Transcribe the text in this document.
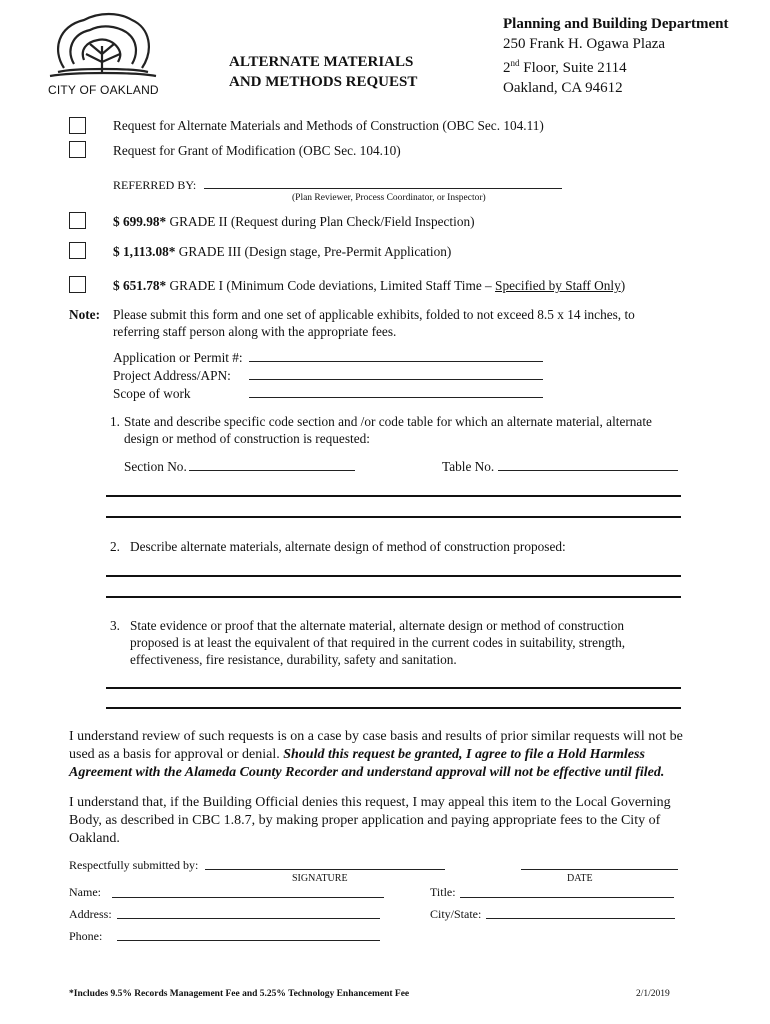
CITY OF OAKLAND
ALTERNATE MATERIALS
AND METHODS REQUEST
Planning and Building Department
250 Frank H. Ogawa Plaza
2nd Floor, Suite 2114
Oakland, CA 94612
Request for Alternate Materials and Methods of Construction (OBC Sec. 104.11)
Request for Grant of Modification (OBC Sec. 104.10)
REFERRED BY:
(Plan Reviewer, Process Coordinator, or Inspector)
$ 699.98* GRADE II (Request during Plan Check/Field Inspection)
$ 1,113.08* GRADE III (Design stage, Pre-Permit Application)
$ 651.78* GRADE I (Minimum Code deviations, Limited Staff Time – Specified by Staff Only)
Note: Please submit this form and one set of applicable exhibits, folded to not exceed 8.5 x 14 inches, to
referring staff person along with the appropriate fees.
Application or Permit #:
Project Address/APN:
Scope of work
1. State and describe specific code section and /or code table for which an alternate material, alternate
design or method of construction is requested:
Section No.	Table No.
2. Describe alternate materials, alternate design of method of construction proposed:
3. State evidence or proof that the alternate material, alternate design or method of construction
proposed is at least the equivalent of that required in the current codes in suitability, strength,
effectiveness, fire resistance, durability, safety and sanitation.
I understand review of such requests is on a case by case basis and results of prior similar requests will not be
used as a basis for approval or denial. Should this request be granted, I agree to file a Hold Harmless
Agreement with the Alameda County Recorder and understand approval will not be effective until filed.
I understand that, if the Building Official denies this request, I may appeal this item to the Local Governing
Body, as described in CBC 1.8.7, by making proper application and paying appropriate fees to the City of
Oakland.
Respectfully submitted by:
SIGNATURE	DATE
Name:	Title:
Address:	City/State:
Phone:
*Includes 9.5% Records Management Fee and 5.25% Technology Enhancement Fee	2/1/2019
